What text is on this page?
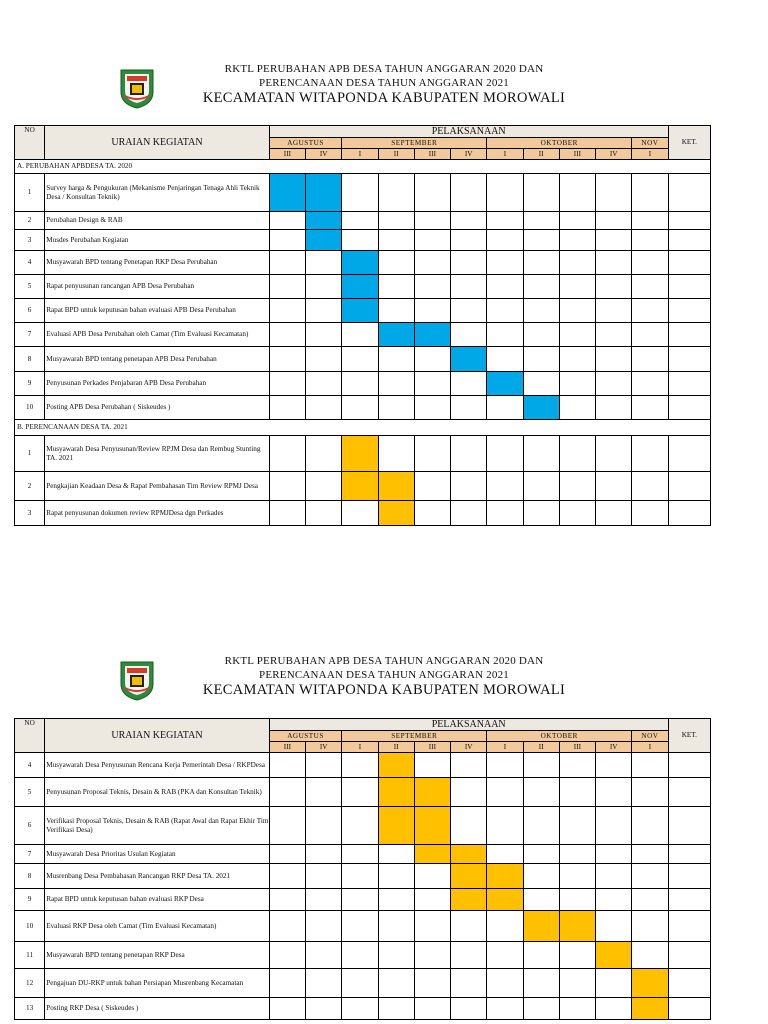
RKTL PERUBAHAN APB DESA TAHUN ANGGARAN 2020 DAN
PERENCANAAN DESA TAHUN ANGGARAN 2021
KECAMATAN WITAPONDA KABUPATEN MOROWALI
NO	URAIAN KEGIATAN	PELAKSANAAN											KET.
		AGUSTUS		SEPTEMBER				OKTOBER				NOV	
		III	IV	I	II	III	IV	I	II	III	IV	I	
A. PERUBAHAN APBDESA TA. 2020													
1	Survey harga & Pengukuran (Mekanisme Penjaringan Tenaga Ahli Teknik Desa / Konsultan Teknik)												
2	Perubahan Design & RAB												
3	Musdes Perubahan Kegiatan												
4	Musyawarah BPD tentang Penetapan RKP Desa Perubahan												
5	Rapat penyusunan rancangan APB Desa Perubahan												
6	Rapat BPD untuk keputusan bahan evaluasi APB Desa Perubahan												
7	Evaluasi APB Desa Perubahan oleh Camat (Tim Evaluasi Kecamatan)												
8	Musyawarah BPD tentang penetapan APB Desa Perubahan												
9	Penyusunan Perkades Penjabaran APB Desa Perubahan												
10	Posting APB Desa Perubahan ( Siskeudes )												
B. PERENCANAAN DESA TA. 2021													
1	Musyawarah Desa Penyusunan/Review RPJM Desa dan Rembug Stunting TA. 2021												
2	Pengkajian Keadaan Desa & Rapat Pembahasan Tim Review RPMJ Desa												
3	Rapat penyusunan dokumen review RPMJDesa dgn Perkades												
RKTL PERUBAHAN APB DESA TAHUN ANGGARAN 2020 DAN
PERENCANAAN DESA TAHUN ANGGARAN 2021
KECAMATAN WITAPONDA KABUPATEN MOROWALI
NO	URAIAN KEGIATAN	PELAKSANAAN											KET.
		AGUSTUS		SEPTEMBER				OKTOBER				NOV	
		III	IV	I	II	III	IV	I	II	III	IV	I	
4	Musyawarah Desa Penyusunan Rencana Kerja Pemerintah Desa / RKPDesa												
5	Penyusunan Proposal Teknis, Desain & RAB (PKA dan Konsultan Teknik)												
6	Verifikasi Proposal Teknis, Desain & RAB (Rapat Awal dan Rapat Ekhir Tim Verifikasi Desa)												
7	Musyawarah Desa Prioritas Usulan Kegiatan												
8	Musrenbang Desa Pembahasan Rancangan RKP Desa TA. 2021												
9	Rapat BPD untuk keputusan bahan evaluasi RKP Desa												
10	Evaluasi RKP Desa oleh Camat (Tim Evaluasi Kecamatan)												
11	Musyawarah BPD tentang penetapan RKP Desa												
12	Pengajuan DU-RKP untuk bahan Persiapan Musrenbang Kecamatan												
13	Posting RKP Desa ( Siskeudes )												
